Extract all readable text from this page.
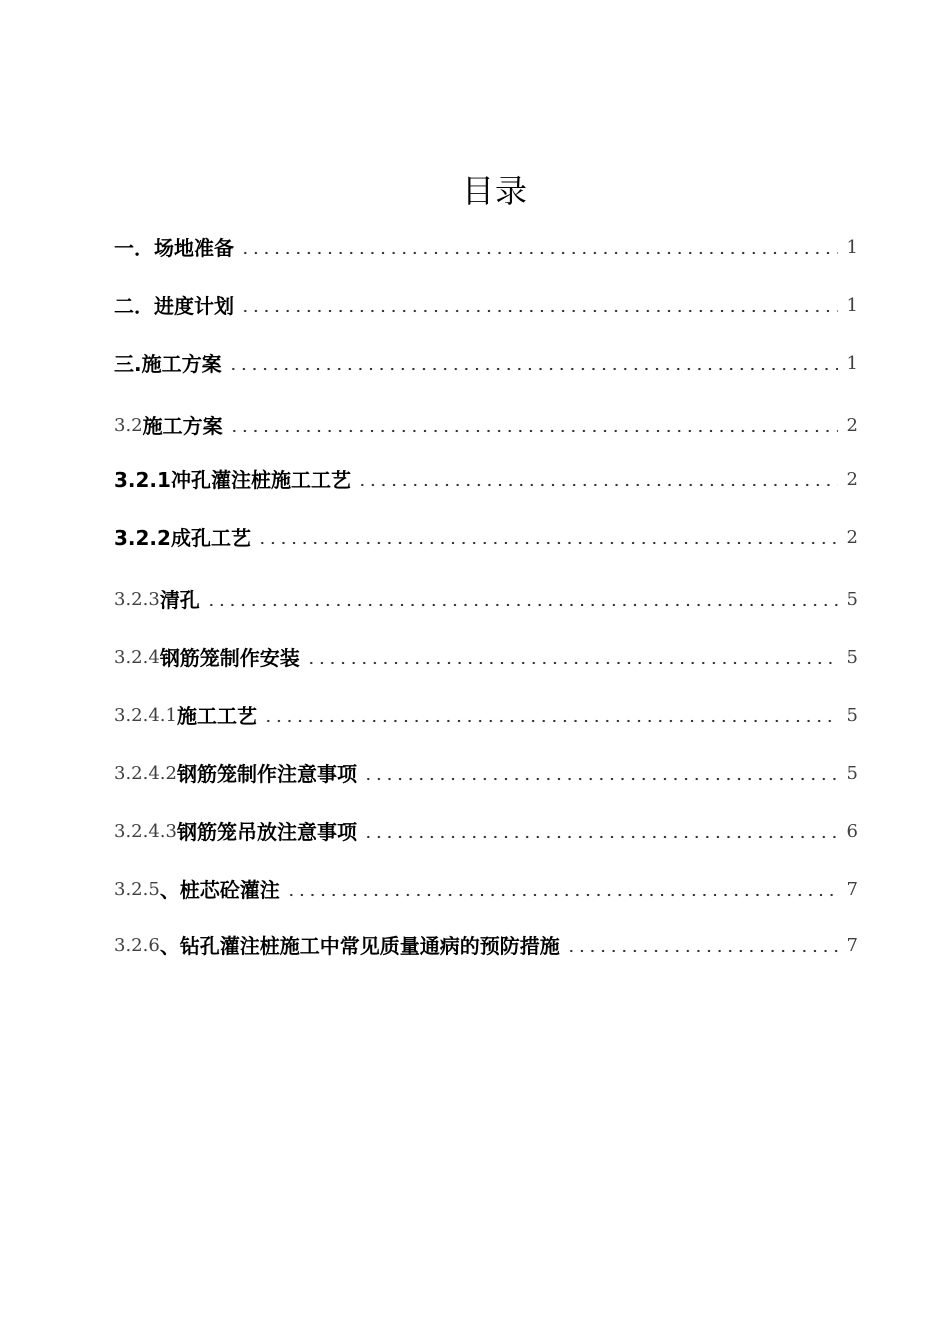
目录
一． 场地准备	1
二． 进度计划	1
三. 施工方案	1
3.2 施工方案	2
3.2.1 冲孔灌注桩施工工艺	2
3.2.2 成孔工艺	2
3.2.3 清孔	5
3.2.4 钢筋笼制作安装	5
3.2.4.1 施工工艺	5
3.2.4.2 钢筋笼制作注意事项	5
3.2.4.3 钢筋笼吊放注意事项	6
3.2.5 、桩芯砼灌注	7
3.2.6 、钻孔灌注桩施工中常见质量通病的预防措施	7
